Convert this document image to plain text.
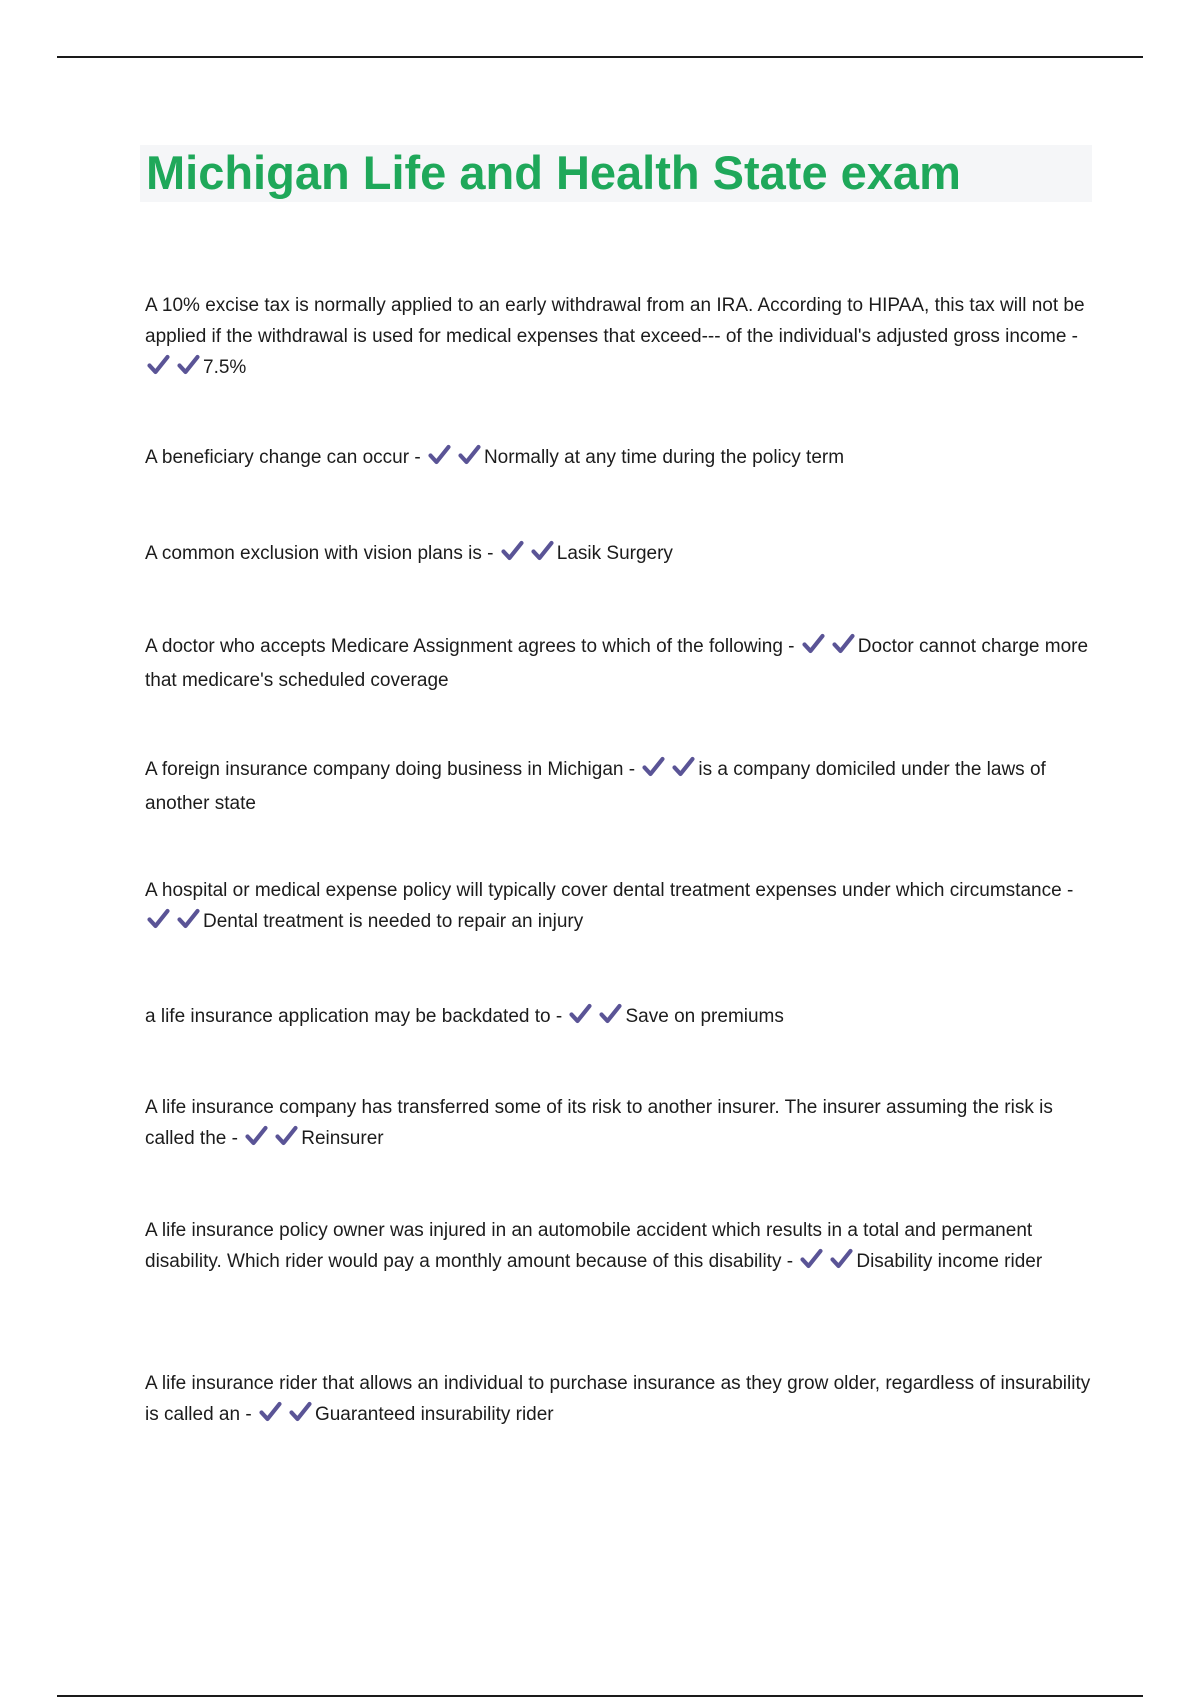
Michigan Life and Health State exam

A 10% excise tax is normally applied to an early withdrawal from an IRA. According to HIPAA, this tax will not be applied if the withdrawal is used for medical expenses that exceed--- of the individual's adjusted gross income -
7.5%

A beneficiary change can occur -	Normally at any time during the policy term

A common exclusion with vision plans is -	Lasik Surgery

A doctor who accepts Medicare Assignment agrees to which of the following -	Doctor cannot charge more that medicare's scheduled coverage

A foreign insurance company doing business in Michigan -	is a company domiciled under the laws of another state

A hospital or medical expense policy will typically cover dental treatment expenses under which circumstance -
Dental treatment is needed to repair an injury

a life insurance application may be backdated to -	Save on premiums

A life insurance company has transferred some of its risk to another insurer. The insurer assuming the risk is called the -	Reinsurer

A life insurance policy owner was injured in an automobile accident which results in a total and permanent disability. Which rider would pay a monthly amount because of this disability -	Disability income rider

A life insurance rider that allows an individual to purchase insurance as they grow older, regardless of insurability is called an -	Guaranteed insurability rider
